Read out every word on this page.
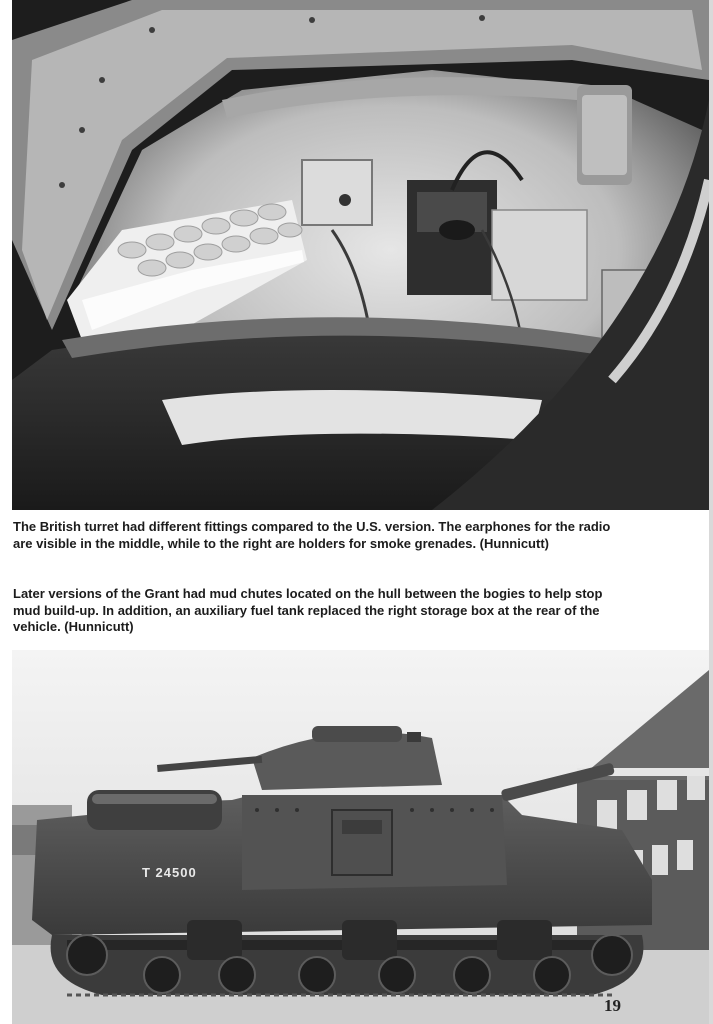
The British turret had different fittings compared to the U.S. version. The earphones for the radio are visible in the middle, while to the right are holders for smoke grenades. (Hunnicutt)

Later versions of the Grant had mud chutes located on the hull between the bogies to help stop mud build-up. In addition, an auxiliary fuel tank replaced the right storage box at the rear of the vehicle. (Hunnicutt)

T 24500
19
